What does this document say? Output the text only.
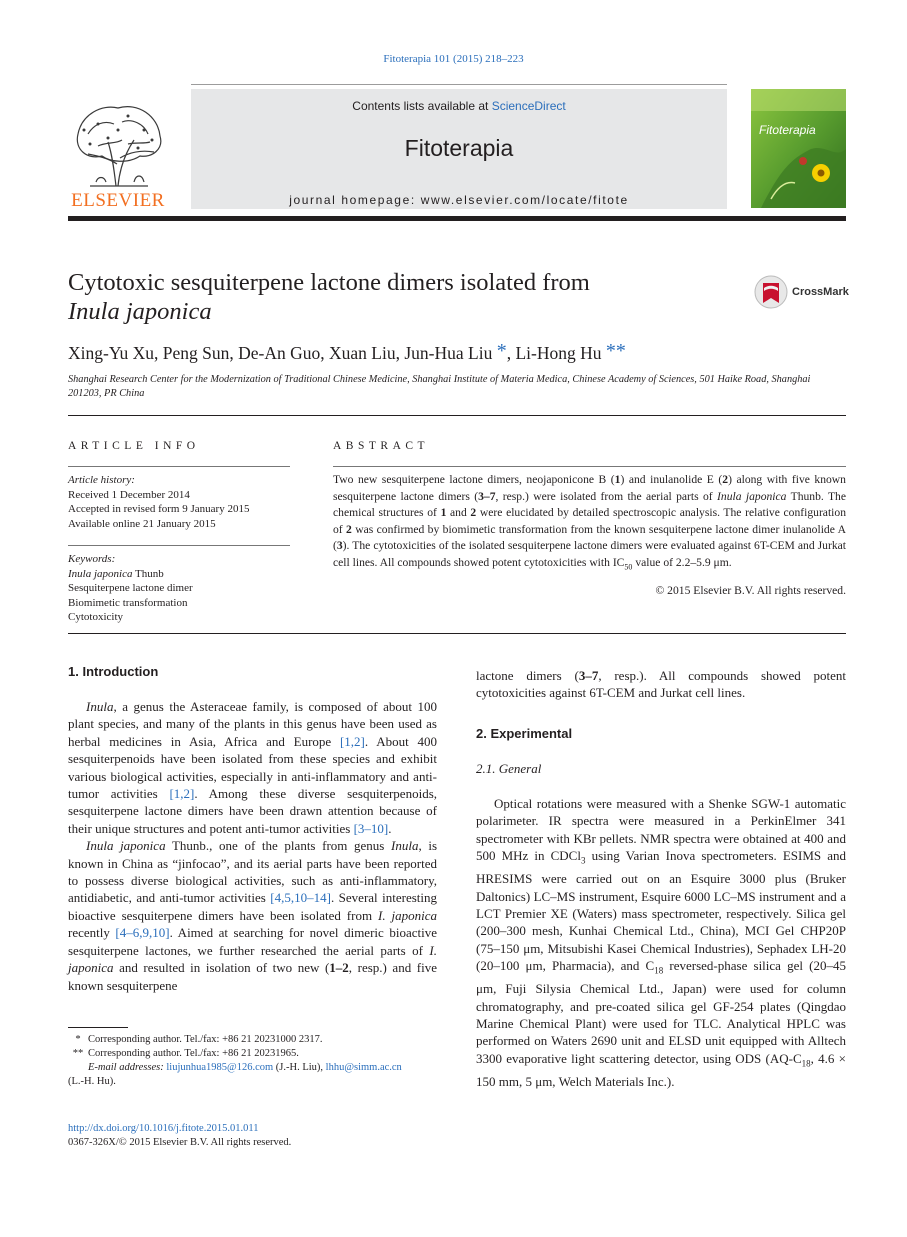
Fitoterapia 101 (2015) 218–223
ELSEVIER
Contents lists available at ScienceDirect
Fitoterapia
journal homepage: www.elsevier.com/locate/fitote
Fitoterapia
Cytotoxic sesquiterpene lactone dimers isolated from
Inula japonica
CrossMark
Xing-Yu Xu, Peng Sun, De-An Guo, Xuan Liu, Jun-Hua Liu *, Li-Hong Hu **
Shanghai Research Center for the Modernization of Traditional Chinese Medicine, Shanghai Institute of Materia Medica, Chinese Academy of Sciences, 501 Haike Road, Shanghai 201203, PR China
ARTICLE INFO
Article history:
Received 1 December 2014
Accepted in revised form 9 January 2015
Available online 21 January 2015
Keywords:
Inula japonica Thunb
Sesquiterpene lactone dimer
Biomimetic transformation
Cytotoxicity
ABSTRACT
Two new sesquiterpene lactone dimers, neojaponicone B (1) and inulanolide E (2) along with five known sesquiterpene lactone dimers (3–7, resp.) were isolated from the aerial parts of Inula japonica Thunb. The chemical structures of 1 and 2 were elucidated by detailed spectroscopic analysis. The relative configuration of 2 was confirmed by biomimetic transformation from the known sesquiterpene lactone dimer inulanolide A (3). The cytotoxicities of the isolated sesquiterpene lactone dimers were evaluated against 6T-CEM and Jurkat cell lines. All compounds showed potent cytotoxicities with $IC_{50}$ value of 2.2–5.9 μm.
© 2015 Elsevier B.V. All rights reserved.
1. Introduction

Inula, a genus the Asteraceae family, is composed of about 100 plant species, and many of the plants in this genus have been used as herbal medicines in Asia, Africa and Europe [1,2]. About 400 sesquiterpenoids have been isolated from these species and exhibit various biological activities, especially in anti-inflammatory and anti-tumor activities [1,2]. Among these diverse sesquiterpenoids, sesquiterpene lactone dimers have been drawn attention because of their unique structures and potent anti-tumor activities [3–10].

Inula japonica Thunb., one of the plants from genus Inula, is known in China as “jinfocao”, and its aerial parts have been reported to possess diverse biological activities, such as anti-inflammatory, antidiabetic, and anti-tumor activities [4,5,10–14]. Several interesting bioactive sesquiterpene dimers have been isolated from I. japonica recently [4–6,9,10]. Aimed at searching for novel dimeric bioactive sesquiterpene lactones, we further researched the aerial parts of I. japonica and resulted in isolation of two new (1–2, resp.) and five known sesquiterpene

lactone dimers (3–7, resp.). All compounds showed potent cytotoxicities against 6T-CEM and Jurkat cell lines.
2. Experimental
2.1. General

Optical rotations were measured with a Shenke SGW-1 automatic polarimeter. IR spectra were measured in a PerkinElmer 341 spectrometer with KBr pellets. NMR spectra were obtained at 400 and 500 MHz in CDCl$_3$ using Varian Inova spectrometers. ESIMS and HRESIMS were carried out on an Esquire 3000 plus (Bruker Daltonics) LC–MS instrument, Esquire 6000 LC–MS instrument and a LCT Premier XE (Waters) mass spectrometer, respectively. Silica gel (200–300 mesh, Kunhai Chemical Ltd., China), MCI Gel CHP20P (75–150 μm, Mitsubishi Kasei Chemical Industries), Sephadex LH-20 (20–100 μm, Pharmacia), and $C_{18}$ reversed-phase silica gel (20–45 μm, Fuji Silysia Chemical Ltd., Japan) were used for column chromatography, and pre-coated silica gel GF-254 plates (Qingdao Marine Chemical Plant) were used for TLC. Analytical HPLC was performed on Waters 2690 unit and ELSD unit equipped with Alltech 3300 evaporative light scattering detector, using ODS ($AQ-C_{18}$, 4.6 × 150 mm, 5 μm, Welch Materials Inc.).

* Corresponding author. Tel./fax: +86 21 20231000 2317.
** Corresponding author. Tel./fax: +86 21 20231965.
E-mail addresses: liujunhua1985@126.com (J.-H. Liu), lhhu@simm.ac.cn
(L.-H. Hu).
http://dx.doi.org/10.1016/j.fitote.2015.01.011
0367-326X/© 2015 Elsevier B.V. All rights reserved.
